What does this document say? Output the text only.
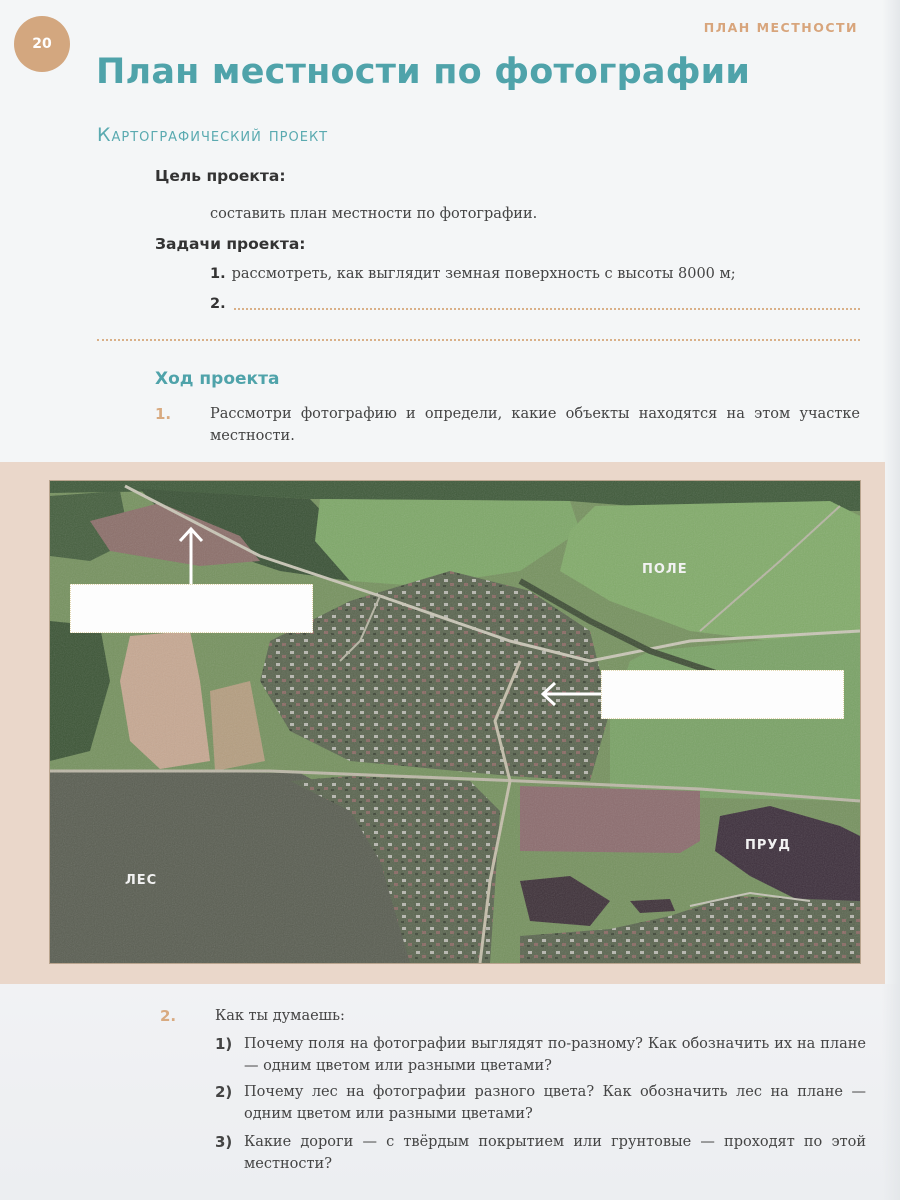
20
ПЛАН МЕСТНОСТИ
План местности по фотографии
Картографический проект
Цель проекта:
составить план местности по фотографии.
Задачи проекта:
1. рассмотреть, как выглядит земная поверхность с высоты 8000 м;
2.
Ход проекта
1.	Рассмотри фотографию и определи, какие объекты находятся на этом участке местности.
ПОЛЕ
ПРУД
ЛЕС
2.	Как ты думаешь:
1) Почему поля на фотографии выглядят по-разному? Как обозначить их на плане — одним цветом или разными цветами?
2) Почему лес на фотографии разного цвета? Как обозначить лес на плане — одним цветом или разными цветами?
3) Какие дороги — с твёрдым покрытием или грунтовые — проходят по этой местности?
